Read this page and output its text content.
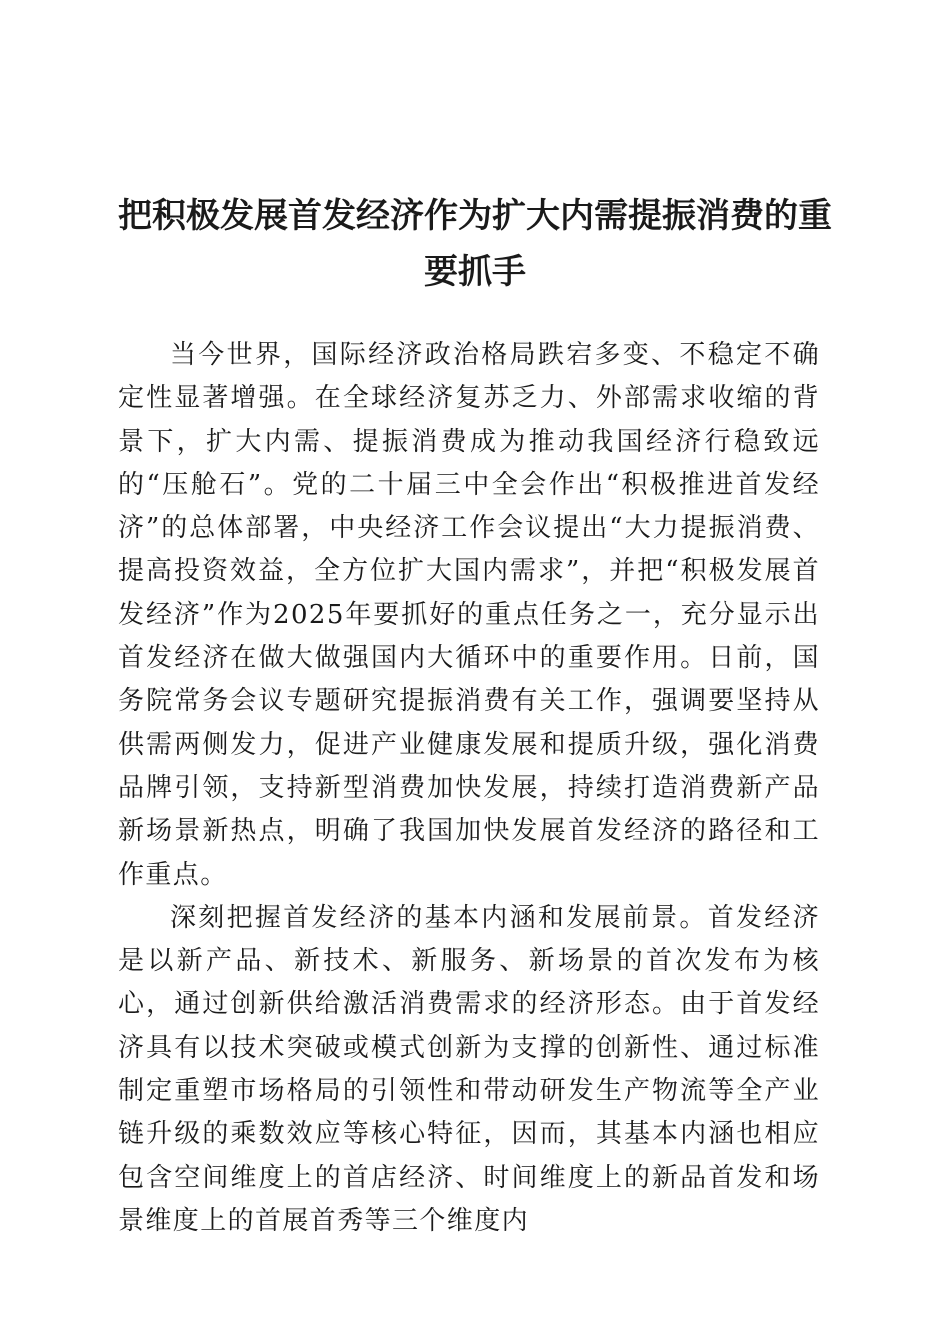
把积极发展首发经济作为扩大内需提振消费的重要抓手

当今世界，国际经济政治格局跌宕多变、不稳定不确定性显著增强。在全球经济复苏乏力、外部需求收缩的背景下，扩大内需、提振消费成为推动我国经济行稳致远的“压舱石”。党的二十届三中全会作出“积极推进首发经济”的总体部署，中央经济工作会议提出“大力提振消费、提高投资效益，全方位扩大国内需求”，并把“积极发展首发经济”作为2025年要抓好的重点任务之一，充分显示出首发经济在做大做强国内大循环中的重要作用。日前，国务院常务会议专题研究提振消费有关工作，强调要坚持从供需两侧发力，促进产业健康发展和提质升级，强化消费品牌引领，支持新型消费加快发展，持续打造消费新产品新场景新热点，明确了我国加快发展首发经济的路径和工作重点。

深刻把握首发经济的基本内涵和发展前景。首发经济是以新产品、新技术、新服务、新场景的首次发布为核心，通过创新供给激活消费需求的经济形态。由于首发经济具有以技术突破或模式创新为支撑的创新性、通过标准制定重塑市场格局的引领性和带动研发生产物流等全产业链升级的乘数效应等核心特征，因而，其基本内涵也相应包含空间维度上的首店经济、时间维度上的新品首发和场景维度上的首展首秀等三个维度内
